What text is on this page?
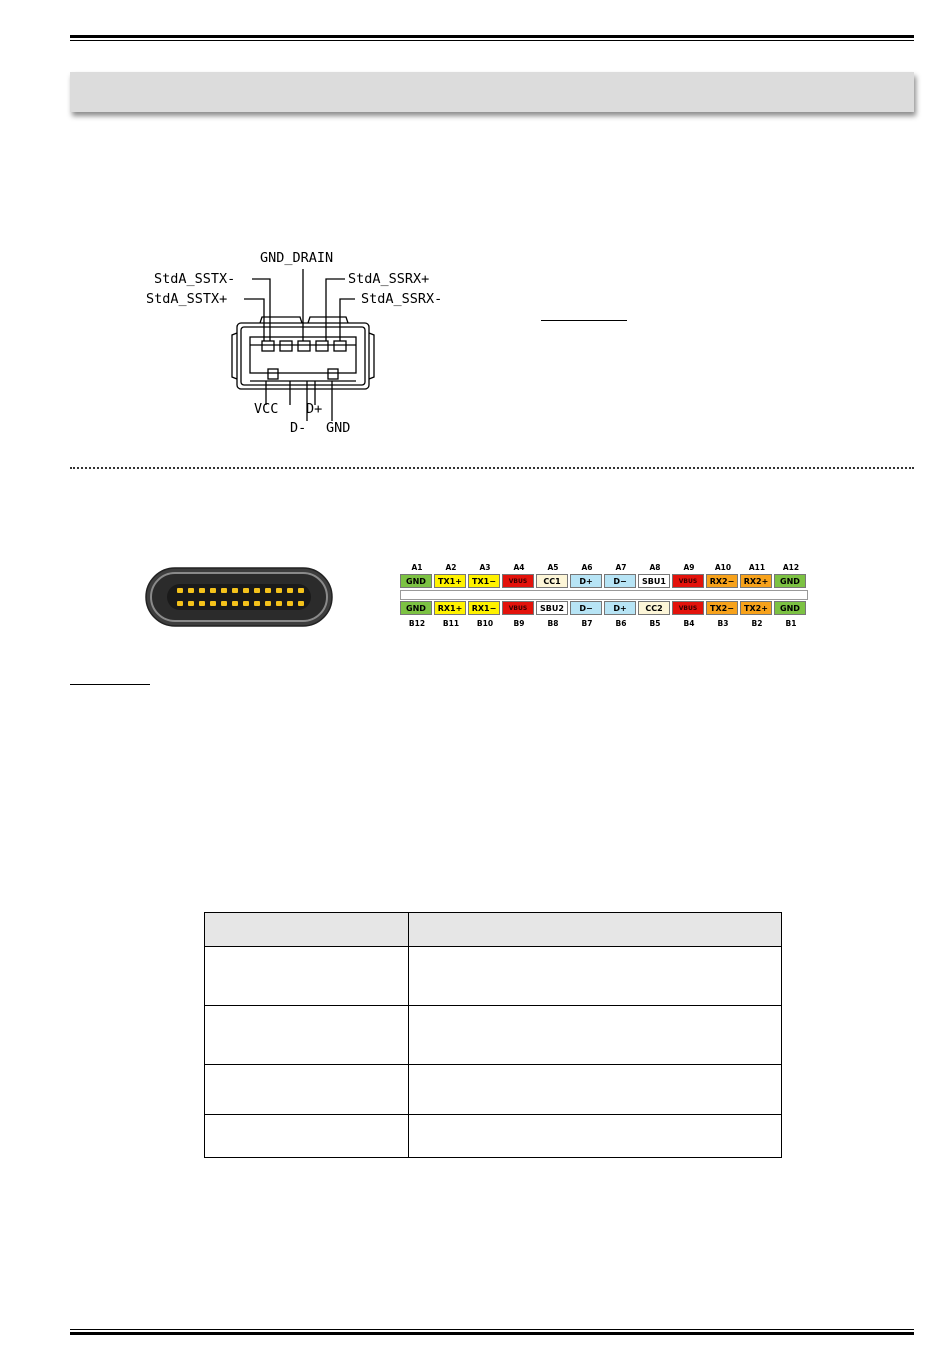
GND_DRAIN
StdA_SSTX-
StdA_SSTX+
StdA_SSRX+
StdA_SSRX-
VCC D+
D- GND
A1	A2	A3	A4	A5	A6	A7	A8	A9	A10	A11	A12
GND	TX1+	TX1−	VBUS	CC1	D+	D−	SBU1	VBUS	RX2−	RX2+	GND
GND	RX1+	RX1−	VBUS	SBU2	D−	D+	CC2	VBUS	TX2−	TX2+	GND
B12	B11	B10	B9	B8	B7	B6	B5	B4	B3	B2	B1
